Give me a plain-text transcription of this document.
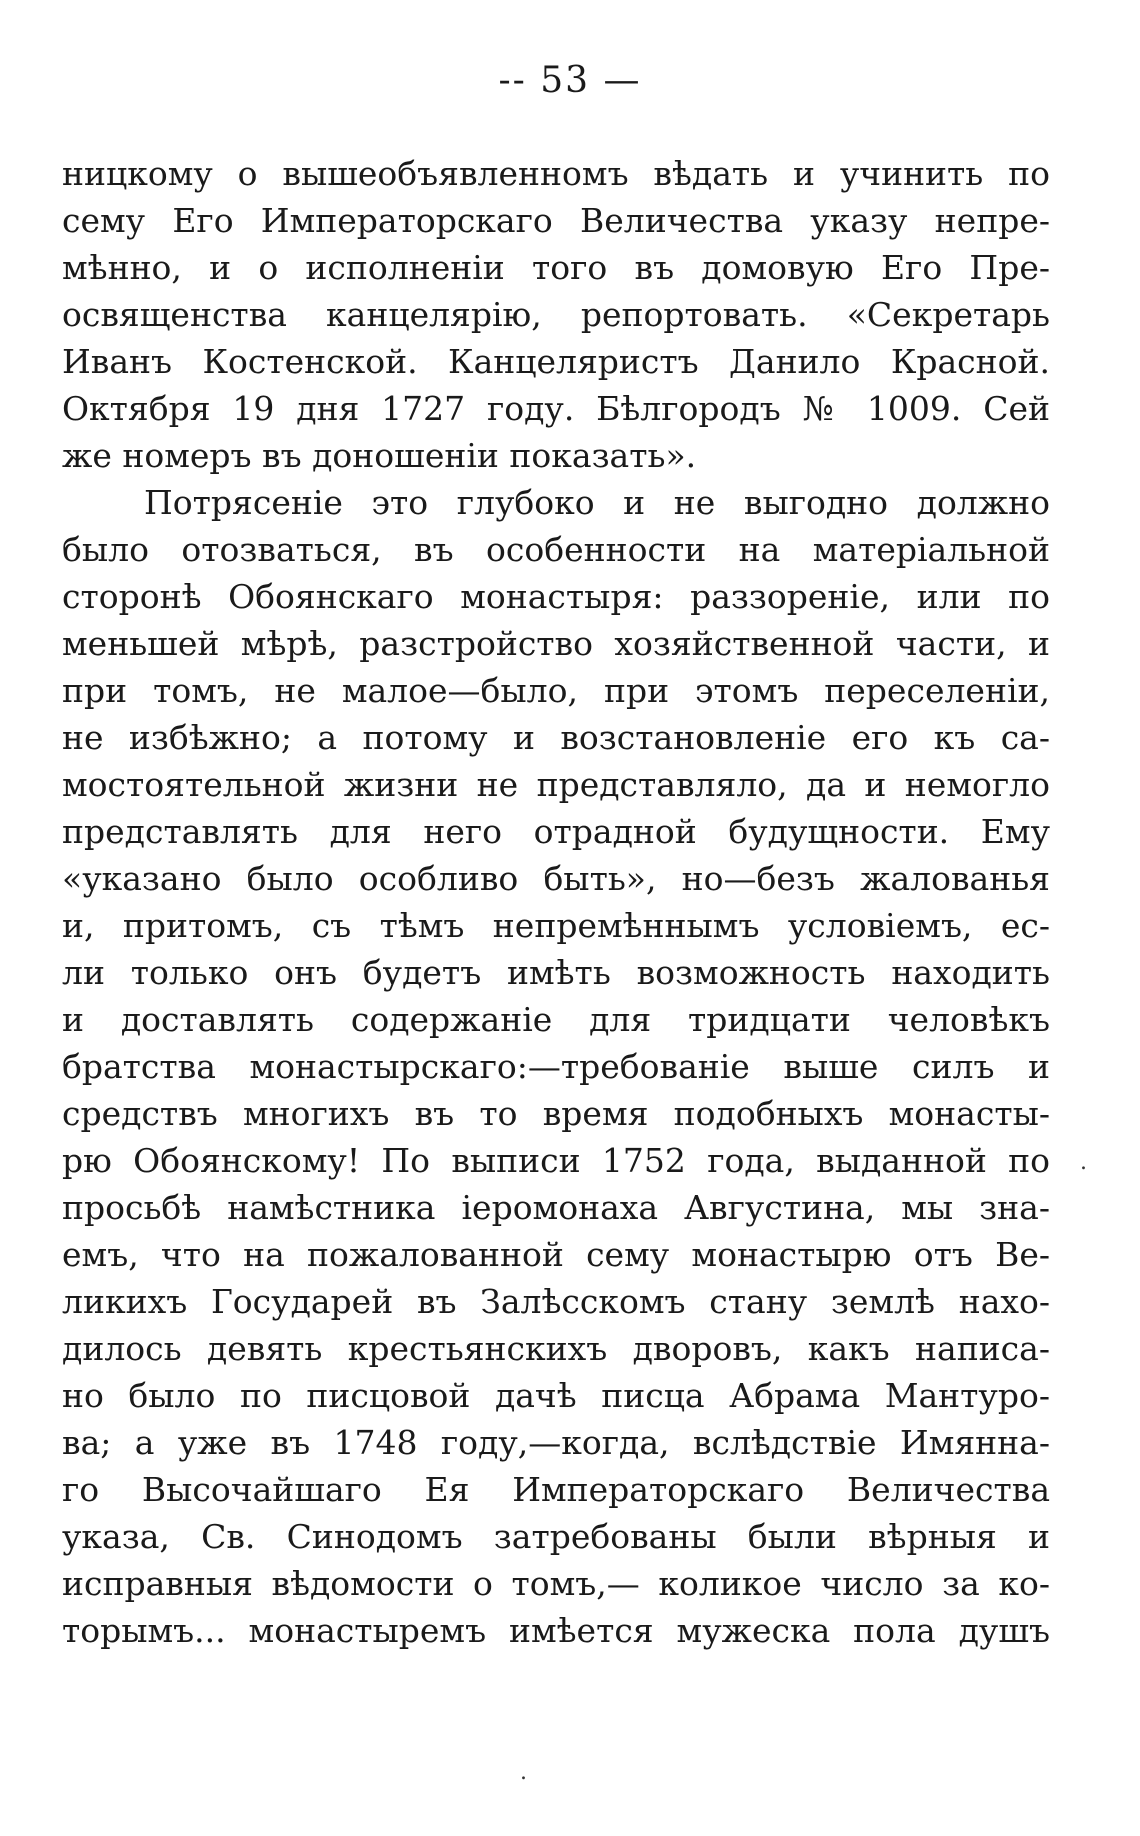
-- 53 —
ницкому о вышеобъявленномъ вѣдать и учинить по
сему Его Императорскаго Величества указу непре-
мѣнно, и о исполненіи того въ домовую Его Пре-
освященства канцелярію, репортовать. «Секретарь
Иванъ Костенской. Канцеляристъ Данило Красной.
Октября 19 дня 1727 году. Бѣлгородъ № 1009. Сей
же номеръ въ доношеніи показать».
Потрясеніе это глубоко и не выгодно должно
было отозваться, въ особенности на матеріальной
сторонѣ Обоянскаго монастыря: раззореніе, или по
меньшей мѣрѣ, разстройство хозяйственной части, и
при томъ, не малое—было, при этомъ переселеніи,
не избѣжно; а потому и возстановленіе его къ са-
мостоятельной жизни не представляло, да и немогло
представлять для него отрадной будущности. Ему
«указано было особливо быть», но—безъ жалованья
и, притомъ, съ тѣмъ непремѣннымъ условіемъ, ес-
ли только онъ будетъ имѣть возможность находить
и доставлять содержаніе для тридцати человѣкъ
братства монастырскаго:—требованіе выше силъ и
средствъ многихъ въ то время подобныхъ монасты-
рю Обоянскому! По выписи 1752 года, выданной по
просьбѣ намѣстника іеромонаха Августина, мы зна-
емъ, что на пожалованной сему монастырю отъ Ве-
ликихъ Государей въ Залѣсскомъ стану землѣ нахо-
дилось девять крестьянскихъ дворовъ, какъ написа-
но было по писцовой дачѣ писца Абрама Мантуро-
ва; а уже въ 1748 году,—когда, вслѣдствіе Имянна-
го Высочайшаго Ея Императорскаго Величества
указа, Св. Синодомъ затребованы были вѣрныя и
исправныя вѣдомости о томъ,— коликое число за ко-
торымъ... монастыремъ имѣется мужеска пола душъ
.
.
